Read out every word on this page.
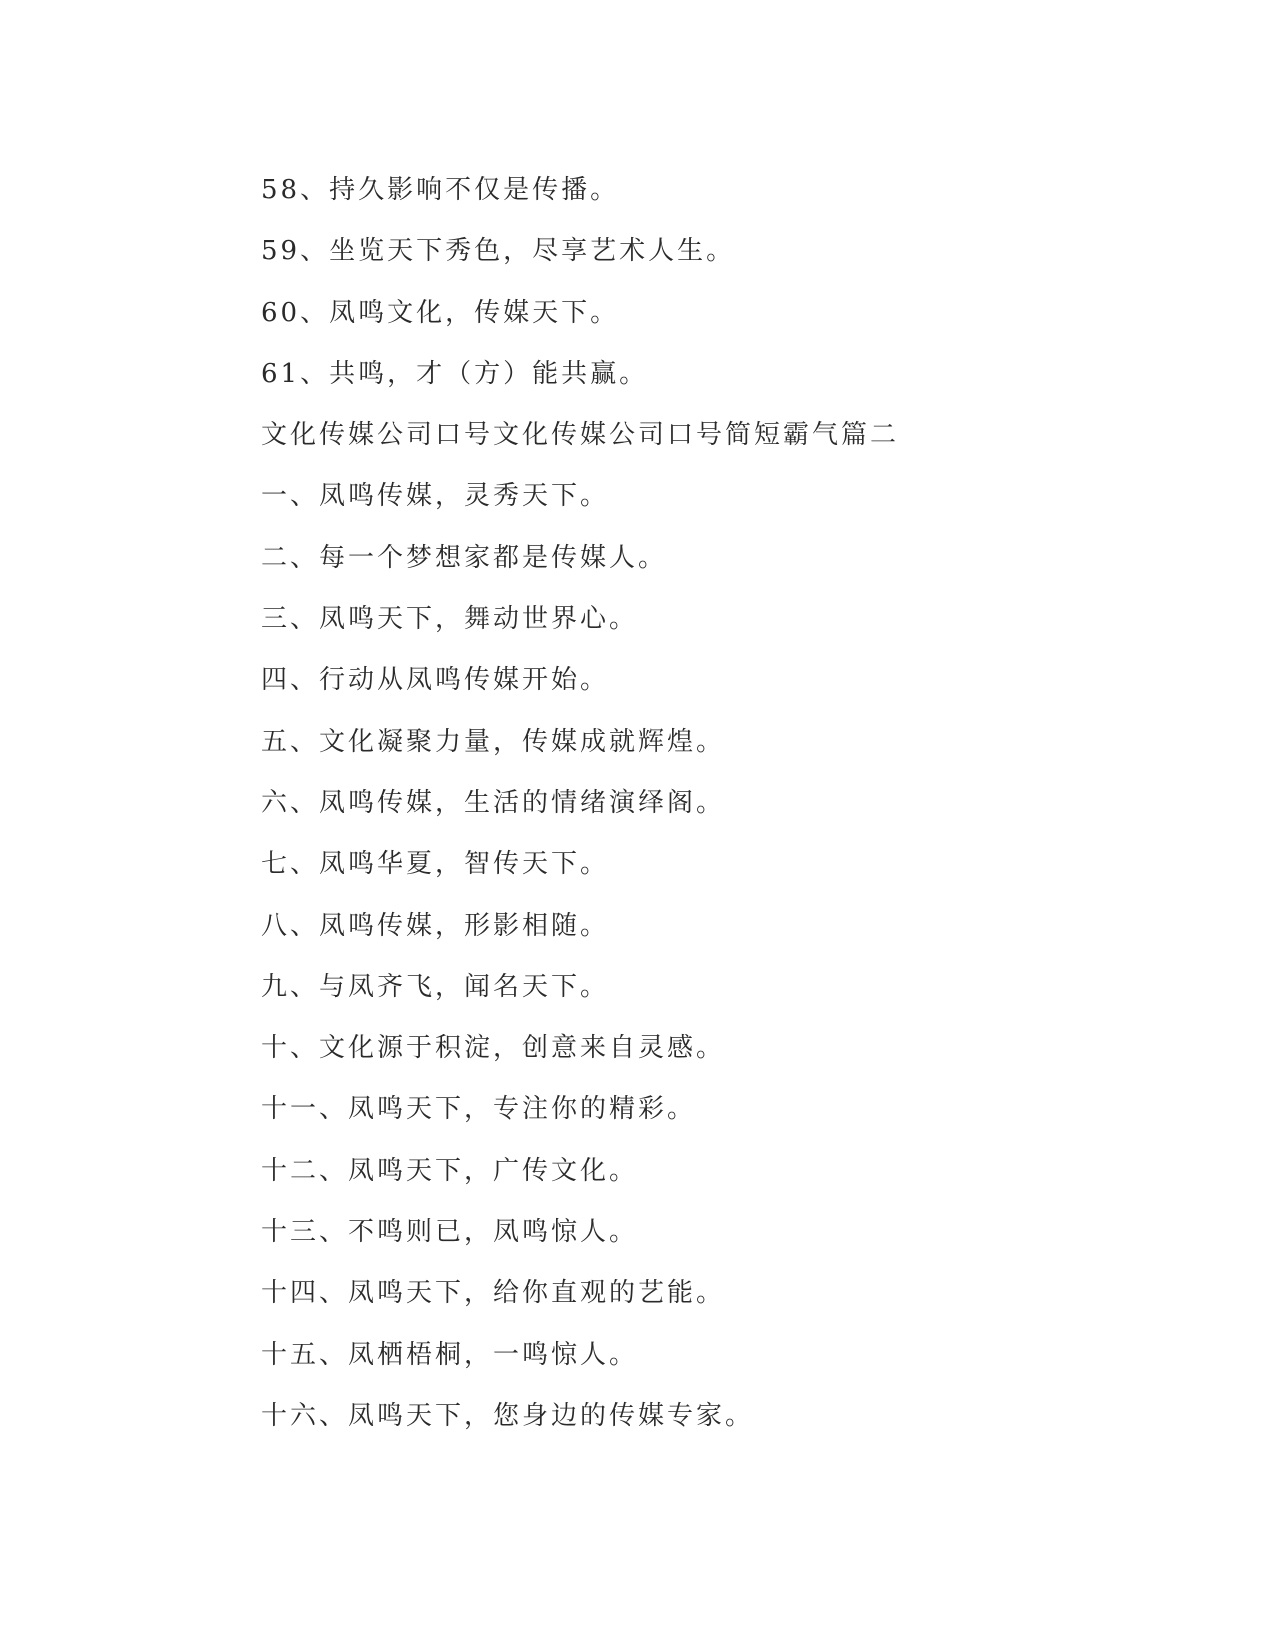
58、持久影响不仅是传播。
59、坐览天下秀色，尽享艺术人生。
60、凤鸣文化，传媒天下。
61、共鸣，才（方）能共赢。
文化传媒公司口号文化传媒公司口号简短霸气篇二
一、凤鸣传媒，灵秀天下。
二、每一个梦想家都是传媒人。
三、凤鸣天下，舞动世界心。
四、行动从凤鸣传媒开始。
五、文化凝聚力量，传媒成就辉煌。
六、凤鸣传媒，生活的情绪演绎阁。
七、凤鸣华夏，智传天下。
八、凤鸣传媒，形影相随。
九、与凤齐飞，闻名天下。
十、文化源于积淀，创意来自灵感。
十一、凤鸣天下，专注你的精彩。
十二、凤鸣天下，广传文化。
十三、不鸣则已，凤鸣惊人。
十四、凤鸣天下，给你直观的艺能。
十五、凤栖梧桐，一鸣惊人。
十六、凤鸣天下，您身边的传媒专家。
